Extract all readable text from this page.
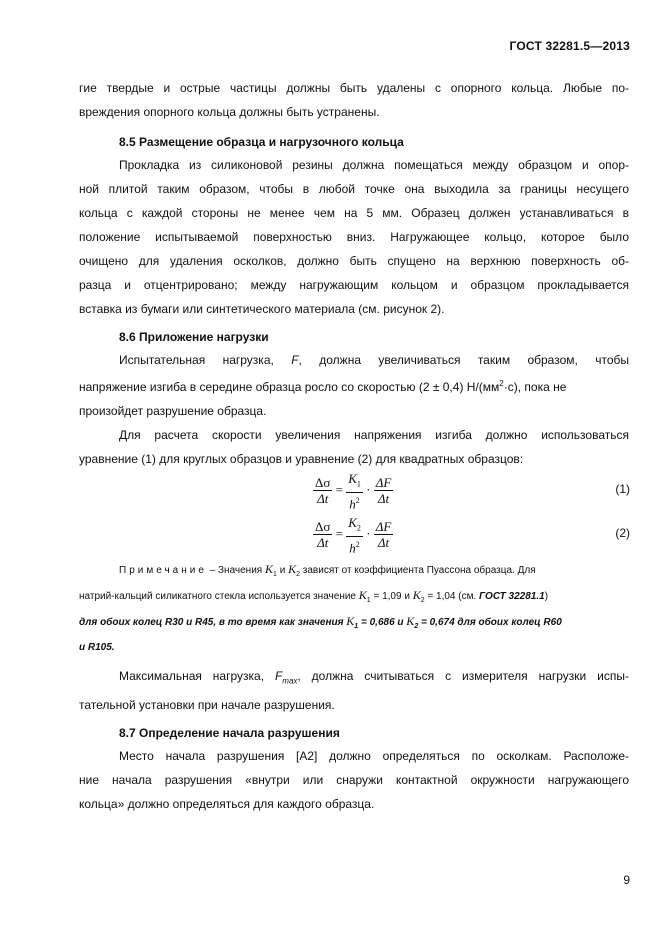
ГОСТ 32281.5—2013
гие твердые и острые частицы должны быть удалены с опорного кольца. Любые по-
вреждения опорного кольца должны быть устранены.
8.5 Размещение образца и нагрузочного кольца
Прокладка из силиконовой резины должна помещаться между образцом и опор-
ной плитой таким образом, чтобы в любой точке она выходила за границы несущего
кольца с каждой стороны не менее чем на 5 мм. Образец должен устанавливаться в
положение испытываемой поверхностью вниз. Нагружающее кольцо, которое было
очищено для удаления осколков, должно быть спущено на верхнюю поверхность об-
разца и отцентрировано; между нагружающим кольцом и образцом прокладывается
вставка из бумаги или синтетического материала (см. рисунок 2).
8.6 Приложение нагрузки
Испытательная нагрузка, F, должна увеличиваться таким образом, чтобы
напряжение изгиба в середине образца росло со скоростью (2 ± 0,4) $Н/(мм^2\cdot с)$, пока не
произойдет разрушение образца.
Для расчета скорости увеличения напряжения изгиба должно использоваться
уравнение (1) для круглых образцов и уравнение (2) для квадратных образцов:
$\frac{\Delta\sigma}{\Delta t} = \frac{K_1}{h^2} \cdot \frac{\Delta F}{\Delta t}$	(1)
$\frac{\Delta\sigma}{\Delta t} = \frac{K_2}{h^2} \cdot \frac{\Delta F}{\Delta t}$	(2)
Примечание – Значения $K_1$ и $K_2$ зависят от коэффициента Пуассона образца. Для
натрий-кальций силикатного стекла используется значение $K_1 = 1,09$ и $K_2 = 1,04$ (см. ГОСТ 32281.1)
для обоих колец R30 и R45, в то время как значения $K_1 = 0,686$ и $K_2 = 0,674$ для обоих колец R60
и R105.
Максимальная нагрузка, $F_{max}$, должна считываться с измерителя нагрузки испы-
тательной установки при начале разрушения.
8.7 Определение начала разрушения
Место начала разрушения [А2] должно определяться по осколкам. Расположе-
ние начала разрушения «внутри или снаружи контактной окружности нагружающего
кольца» должно определяться для каждого образца.
9
